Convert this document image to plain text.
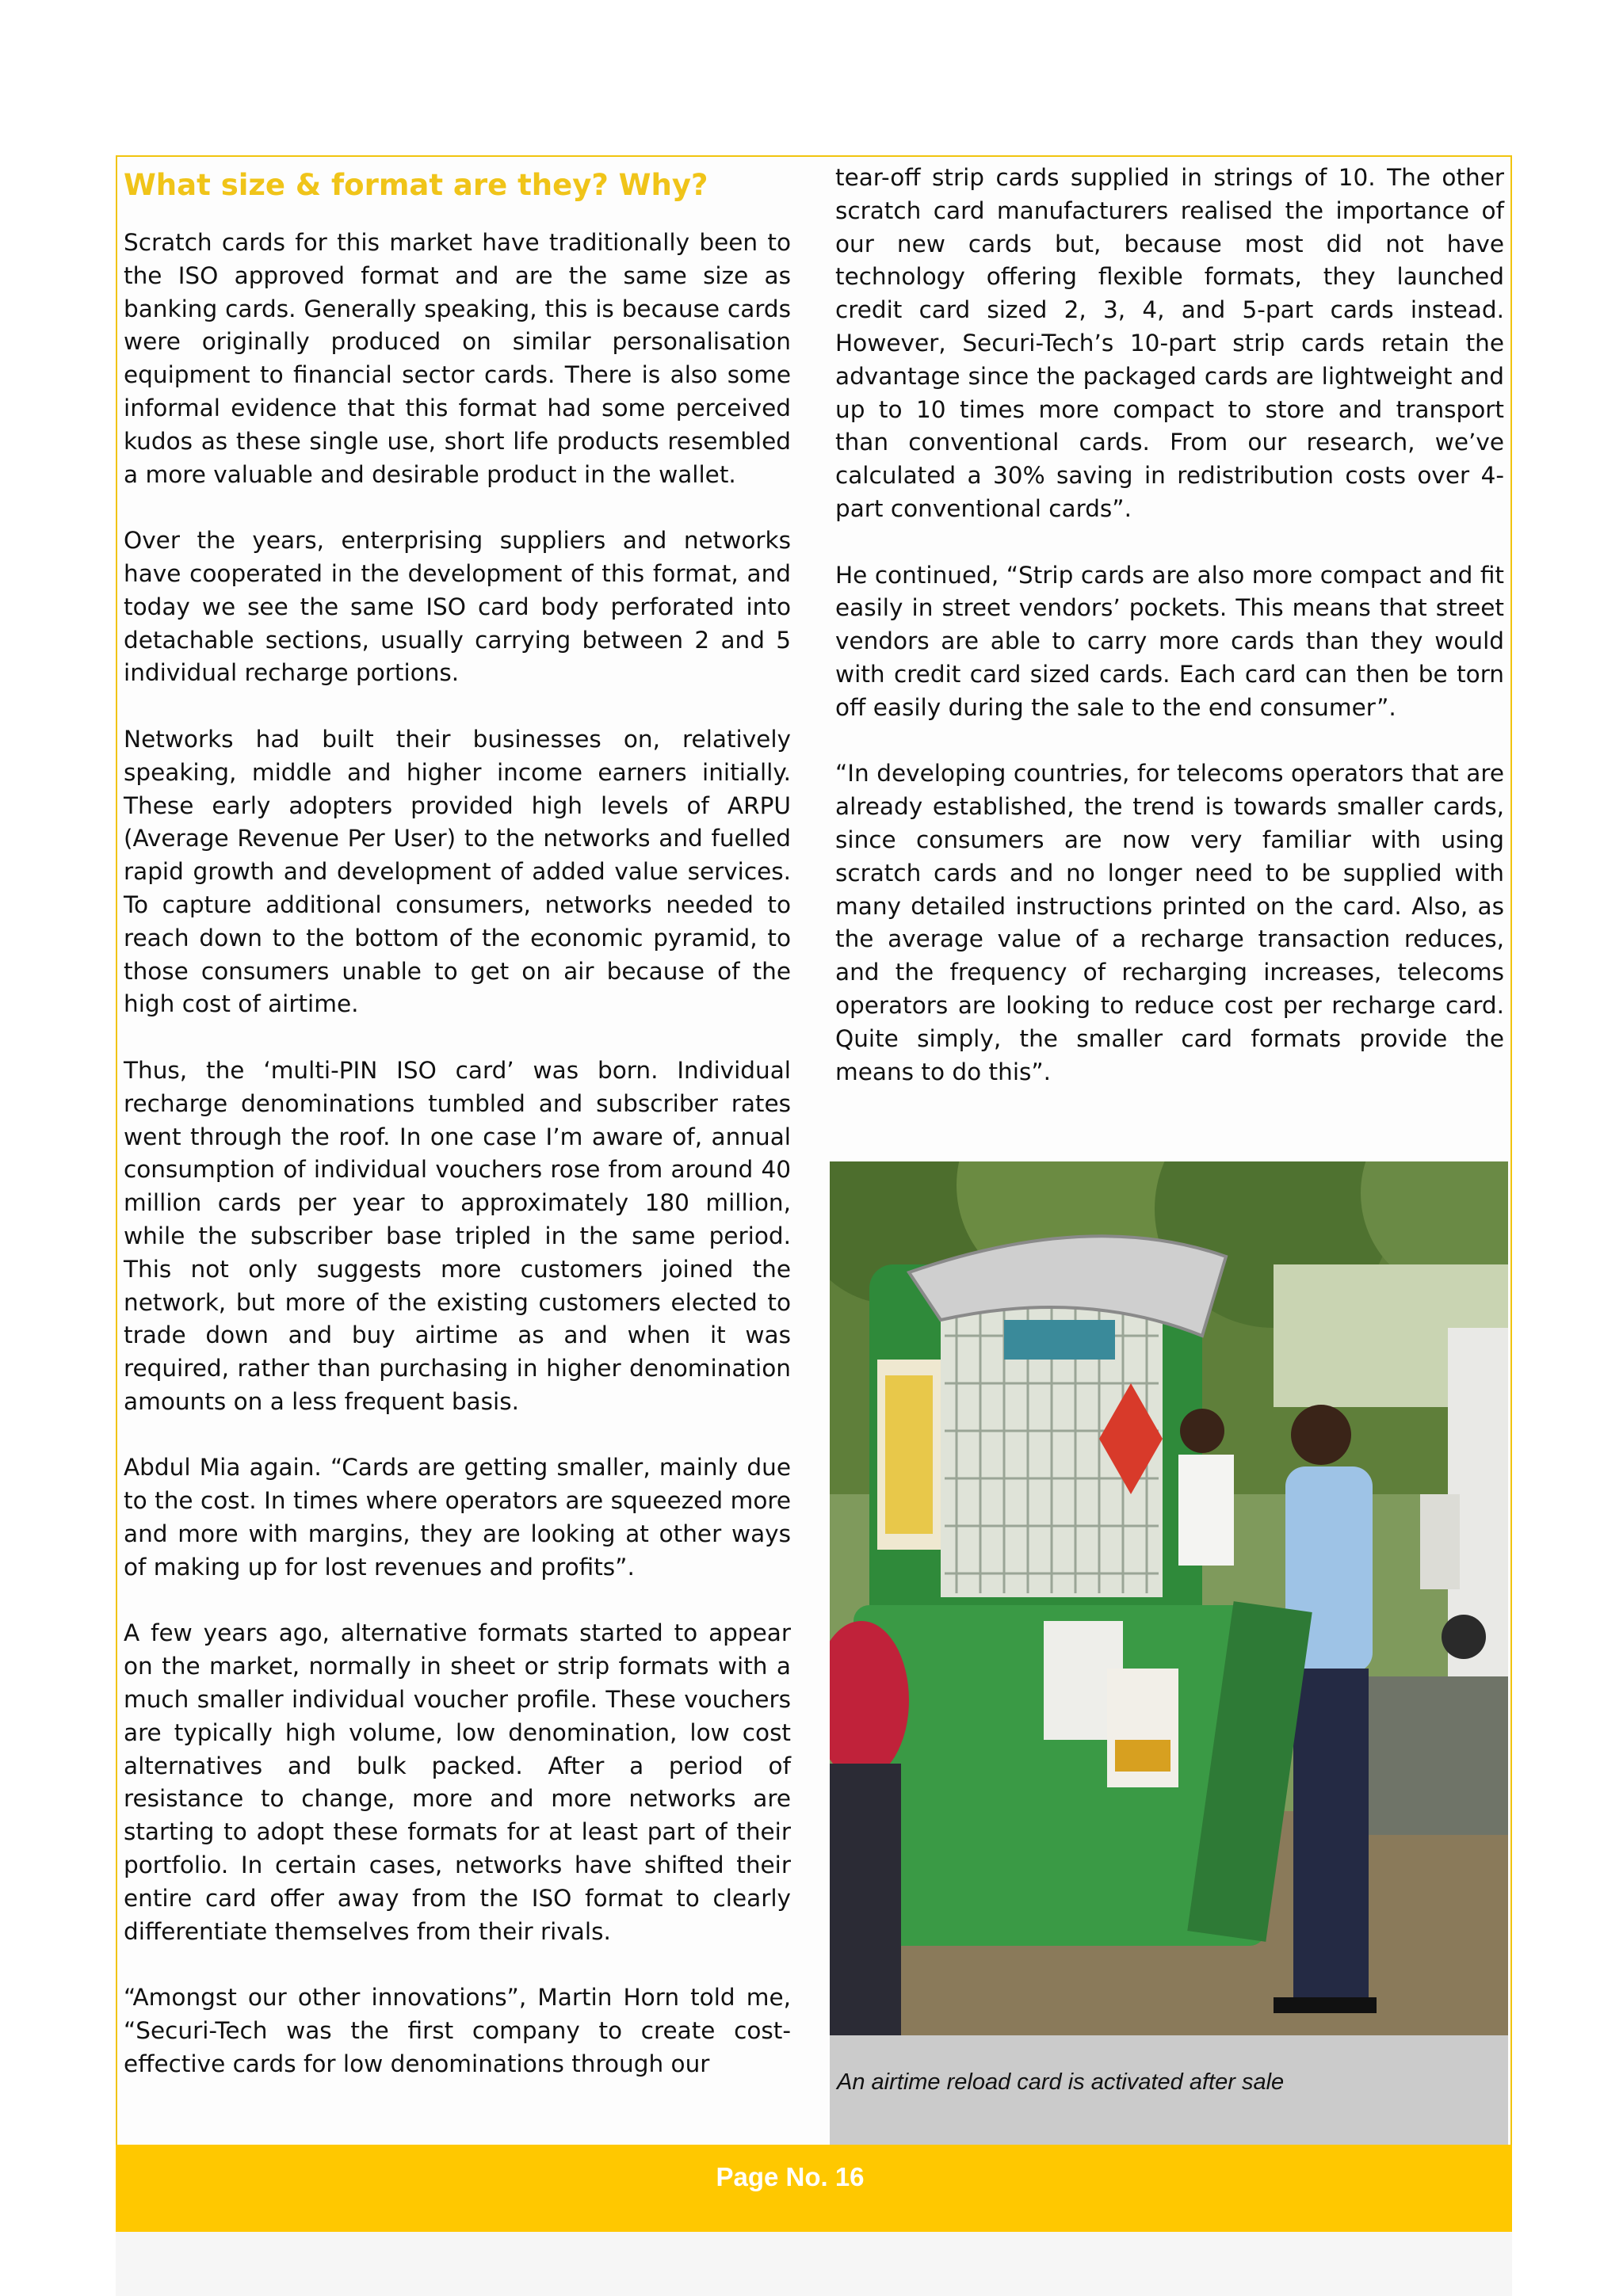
What size & format are they? Why?

Scratch cards for this market have traditionally been to the ISO approved format and are the same size as banking cards. Generally speaking, this is because cards were originally produced on similar personalisation equipment to financial sector cards. There is also some informal evidence that this format had some perceived kudos as these single use, short life products resembled a more valuable and desirable product in the wallet.

Over the years, enterprising suppliers and networks have cooperated in the development of this format, and today we see the same ISO card body perforated into detachable sections, usually carrying between 2 and 5 individual recharge portions.

Networks had built their businesses on, relatively speaking, middle and higher income earners initially. These early adopters provided high levels of ARPU (Average Revenue Per User) to the networks and fuelled rapid growth and development of added value services. To capture additional consumers, networks needed to reach down to the bottom of the economic pyramid, to those consumers unable to get on air because of the high cost of airtime.

Thus, the ‘multi-PIN ISO card’ was born. Individual recharge denominations tumbled and subscriber rates went through the roof. In one case I’m aware of, annual consumption of individual vouchers rose from around 40 million cards per year to approximately 180 million, while the subscriber base tripled in the same period. This not only suggests more customers joined the network, but more of the existing customers elected to trade down and buy airtime as and when it was required, rather than purchasing in higher denomination amounts on a less frequent basis.

Abdul Mia again. “Cards are getting smaller, mainly due to the cost. In times where operators are squeezed more and more with margins, they are looking at other ways of making up for lost revenues and profits”.

A few years ago, alternative formats started to appear on the market, normally in sheet or strip formats with a much smaller individual voucher profile. These vouchers are typically high volume, low denomination, low cost alternatives and bulk packed. After a period of resistance to change, more and more networks are starting to adopt these formats for at least part of their portfolio. In certain cases, networks have shifted their entire card offer away from the ISO format to clearly differentiate themselves from their rivals.

“Amongst our other innovations”, Martin Horn told me, “Securi-Tech was the first company to create cost-effective cards for low denominations through our

tear-off strip cards supplied in strings of 10. The other scratch card manufacturers realised the importance of our new cards but, because most did not have technology offering flexible formats, they launched credit card sized 2, 3, 4, and 5-part cards instead. However, Securi-Tech’s 10-part strip cards retain the advantage since the packaged cards are lightweight and up to 10 times more compact to store and transport than conventional cards. From our research, we’ve calculated a 30% saving in redistribution costs over 4-part conventional cards”.

He continued, “Strip cards are also more compact and fit easily in street vendors’ pockets. This means that street vendors are able to carry more cards than they would with credit card sized cards. Each card can then be torn off easily during the sale to the end consumer”.

“In developing countries, for telecoms operators that are already established, the trend is towards smaller cards, since consumers are now very familiar with using scratch cards and no longer need to be supplied with many detailed instructions printed on the card. Also, as the average value of a recharge transaction reduces, and the frequency of recharging increases, telecoms operators are looking to reduce cost per recharge card. Quite simply, the smaller card formats provide the means to do this”.

An airtime reload card is activated after sale
Page No. 16
